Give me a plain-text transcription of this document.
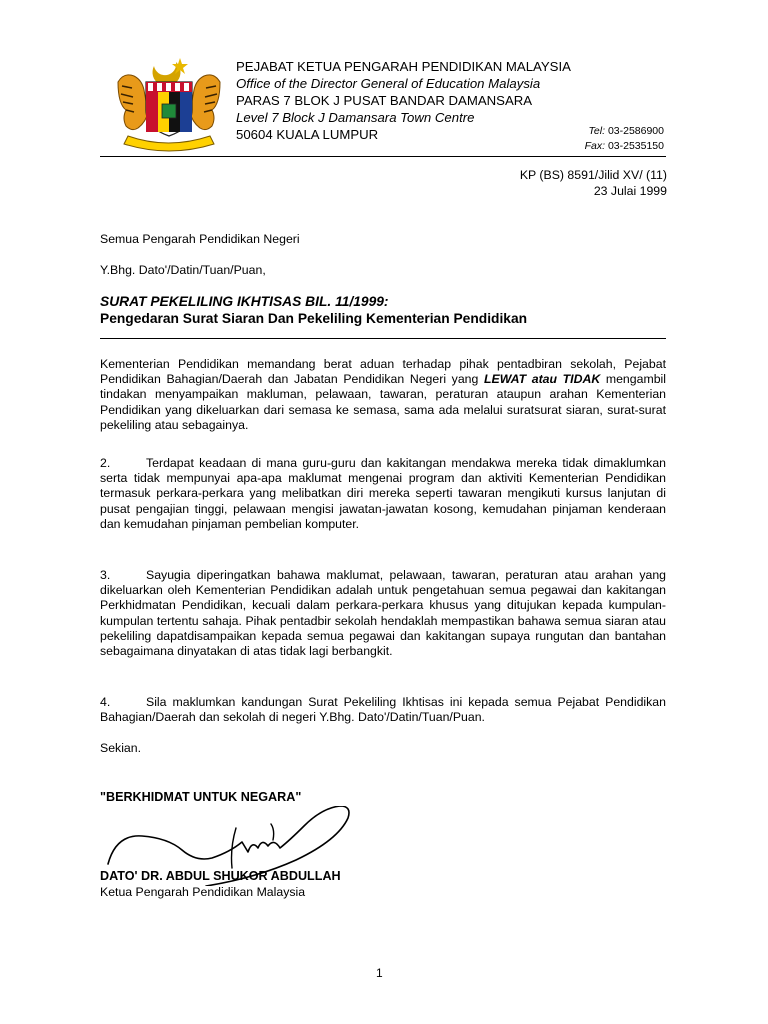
PEJABAT KETUA PENGARAH PENDIDIKAN MALAYSIA
Office of the Director General of Education Malaysia
PARAS 7 BLOK J PUSAT BANDAR DAMANSARA
Level 7 Block J Damansara Town Centre
50604 KUALA LUMPUR	Tel: 03-2586900
Fax: 03-2535150
KP (BS) 8591/Jilid XV/ (11)
23 Julai 1999
Semua Pengarah Pendidikan Negeri
Y.Bhg. Dato'/Datin/Tuan/Puan,
SURAT PEKELILING IKHTISAS BIL. 11/1999:
Pengedaran Surat Siaran Dan Pekeliling Kementerian Pendidikan
Kementerian Pendidikan memandang berat aduan terhadap pihak pentadbiran sekolah, Pejabat Pendidikan Bahagian/Daerah dan Jabatan Pendidikan Negeri yang LEWAT atau TIDAK mengambil tindakan menyampaikan makluman, pelawaan, tawaran, peraturan ataupun arahan Kementerian Pendidikan yang dikeluarkan dari semasa ke semasa, sama ada melalui suratsurat siaran, surat-surat pekeliling atau sebagainya.
2.	Terdapat keadaan di mana guru-guru dan kakitangan mendakwa mereka tidak dimaklumkan serta tidak mempunyai apa-apa maklumat mengenai program dan aktiviti Kementerian Pendidikan termasuk perkara-perkara yang melibatkan diri mereka seperti tawaran mengikuti kursus lanjutan di pusat pengajian tinggi, pelawaan mengisi jawatan-jawatan kosong, kemudahan pinjaman kenderaan dan kemudahan pinjaman pembelian komputer.
3.	Sayugia diperingatkan bahawa maklumat, pelawaan, tawaran, peraturan atau arahan yang dikeluarkan oleh Kementerian Pendidikan adalah untuk pengetahuan semua pegawai dan kakitangan Perkhidmatan Pendidikan, kecuali dalam perkara-perkara khusus yang ditujukan kepada kumpulan-kumpulan tertentu sahaja. Pihak pentadbir sekolah hendaklah mempastikan bahawa semua siaran atau pekeliling dapatdisampaikan kepada semua pegawai dan kakitangan supaya rungutan dan bantahan sebagaimana dinyatakan di atas tidak lagi berbangkit.
4.	Sila maklumkan kandungan Surat Pekeliling Ikhtisas ini kepada semua Pejabat Pendidikan Bahagian/Daerah dan sekolah di negeri Y.Bhg. Dato'/Datin/Tuan/Puan.
Sekian.
"BERKHIDMAT UNTUK NEGARA"
DATO' DR. ABDUL SHUKOR ABDULLAH
Ketua Pengarah Pendidikan Malaysia
1
